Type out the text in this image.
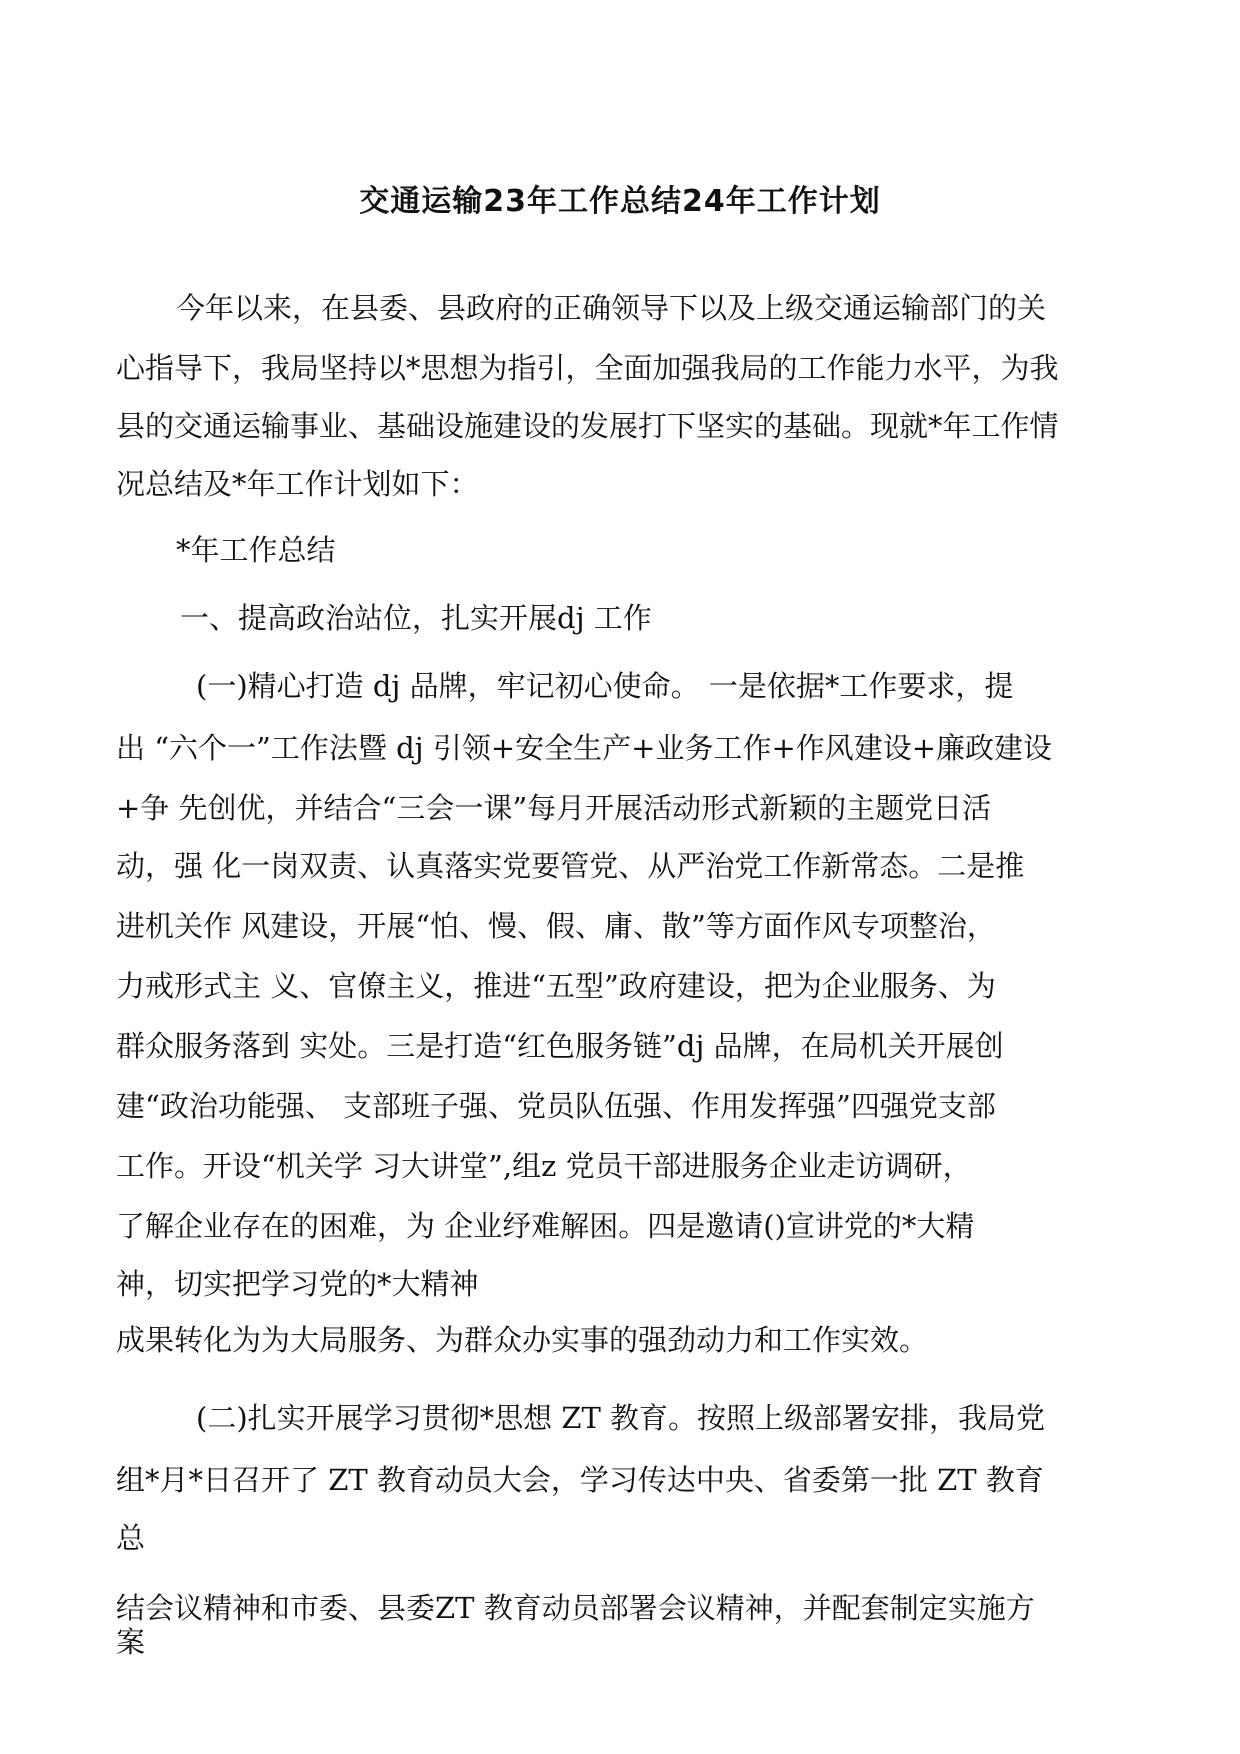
交通运输23年工作总结24年工作计划
今年以来，在县委、县政府的正确领导下以及上级交通运输部门的关
心指导下，我局坚持以*思想为指引，全面加强我局的工作能力水平，为我
县的交通运输事业、基础设施建设的发展打下坚实的基础。现就*年工作情
况总结及*年工作计划如下：
*年工作总结
一、提高政治站位，扎实开展dj 工作
(一)精心打造 dj 品牌，牢记初心使命。 一是依据*工作要求，提
出 “六个一”工作法暨 dj 引领+安全生产+业务工作+作风建设+廉政建设
+争 先创优，并结合“三会一课”每月开展活动形式新颖的主题党日活
动，强 化一岗双责、认真落实党要管党、从严治党工作新常态。二是推
进机关作 风建设，开展“怕、慢、假、庸、散”等方面作风专项整治，
力戒形式主 义、官僚主义，推进“五型”政府建设，把为企业服务、为
群众服务落到 实处。三是打造“红色服务链”dj 品牌，在局机关开展创
建“政治功能强、 支部班子强、党员队伍强、作用发挥强”四强党支部
工作。开设“机关学 习大讲堂”,组z 党员干部进服务企业走访调研，
了解企业存在的困难，为 企业纾难解困。四是邀请()宣讲党的*大精
神，切实把学习党的*大精神
成果转化为为大局服务、为群众办实事的强劲动力和工作实效。
(二)扎实开展学习贯彻*思想 ZT 教育。按照上级部署安排，我局党
组*月*日召开了 ZT 教育动员大会，学习传达中央、省委第一批 ZT 教育
总
结会议精神和市委、县委ZT 教育动员部署会议精神，并配套制定实施方
案
